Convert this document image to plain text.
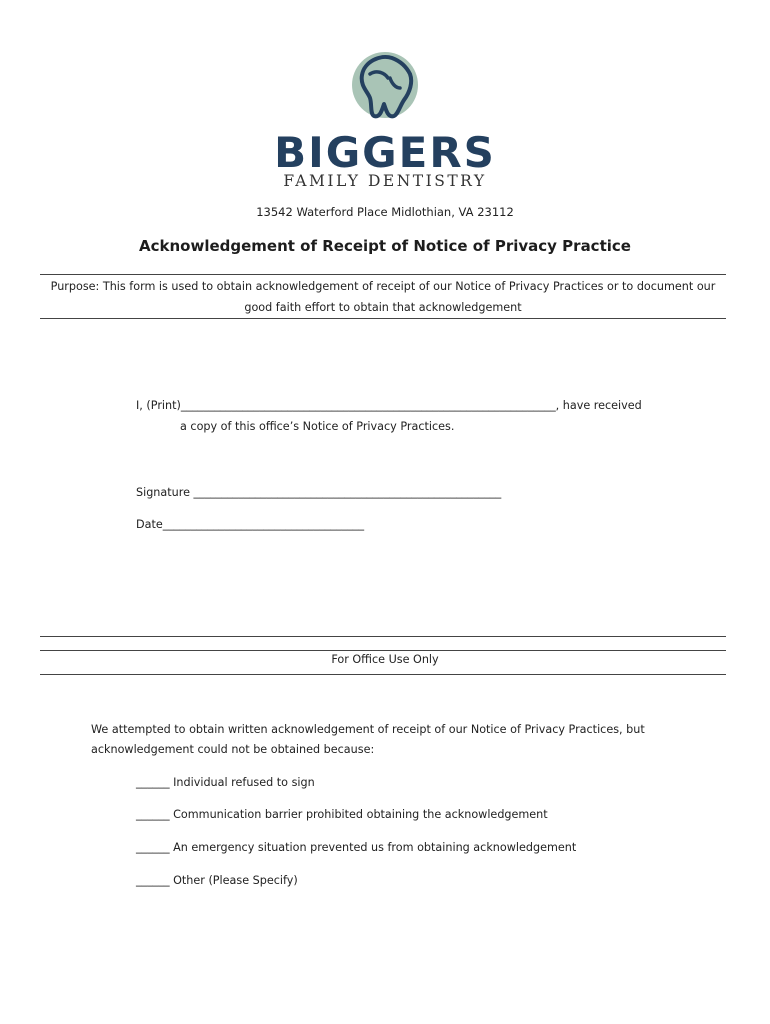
BIGGERS
FAMILY DENTISTRY
13542 Waterford Place Midlothian, VA 23112
Acknowledgement of Receipt of Notice of Privacy Practice
Purpose: This form is used to obtain acknowledgement of receipt of our Notice of Privacy Practices or to document our
good faith effort to obtain that acknowledgement
I, (Print)___________________________________________________________________, have received
a copy of this office’s Notice of Privacy Practices.
Signature _______________________________________________________
Date____________________________________
For Office Use Only
We attempted to obtain written acknowledgement of receipt of our Notice of Privacy Practices, but
acknowledgement could not be obtained because:
______ Individual refused to sign
______ Communication barrier prohibited obtaining the acknowledgement
______ An emergency situation prevented us from obtaining acknowledgement
______ Other (Please Specify)
